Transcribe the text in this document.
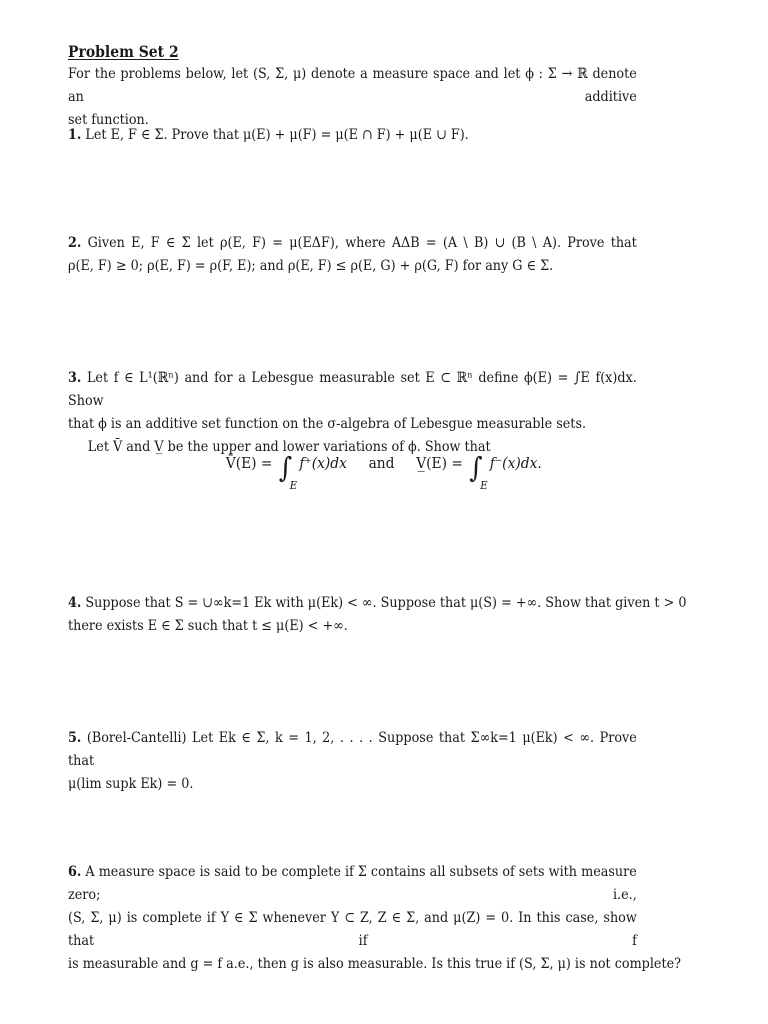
Problem Set 2
For the problems below, let (S, Σ, μ) denote a measure space and let ϕ : Σ → ℝ denote an additive
set function.
1. Let E, F ∈ Σ. Prove that μ(E) + μ(F) = μ(E ∩ F) + μ(E ∪ F).
2. Given E, F ∈ Σ let ρ(E, F) = μ(EΔF), where AΔB = (A \ B) ∪ (B \ A). Prove that
ρ(E, F) ≥ 0; ρ(E, F) = ρ(F, E); and ρ(E, F) ≤ ρ(E, G) + ρ(G, F) for any G ∈ Σ.
3. Let f ∈ L¹(ℝⁿ) and for a Lebesgue measurable set E ⊂ ℝⁿ define ϕ(E) = ∫E f(x)dx. Show
that ϕ is an additive set function on the σ-algebra of Lebesgue measurable sets.
Let V̄ and V̲ be the upper and lower variations of ϕ. Show that
V̄(E) = ∫
E
f⁺(x)dx and V̲(E) = ∫
E
f⁻(x)dx.
4. Suppose that S = ∪∞k=1 Ek with μ(Ek) < ∞. Suppose that μ(S) = +∞. Show that given t > 0
there exists E ∈ Σ such that t ≤ μ(E) < +∞.
5. (Borel-Cantelli) Let Ek ∈ Σ, k = 1, 2, . . . . Suppose that Σ∞k=1 μ(Ek) < ∞. Prove that
μ(lim supk Ek) = 0.
6. A measure space is said to be complete if Σ contains all subsets of sets with measure zero; i.e.,
(S, Σ, μ) is complete if Y ∈ Σ whenever Y ⊂ Z, Z ∈ Σ, and μ(Z) = 0. In this case, show that if f
is measurable and g = f a.e., then g is also measurable. Is this true if (S, Σ, μ) is not complete?
